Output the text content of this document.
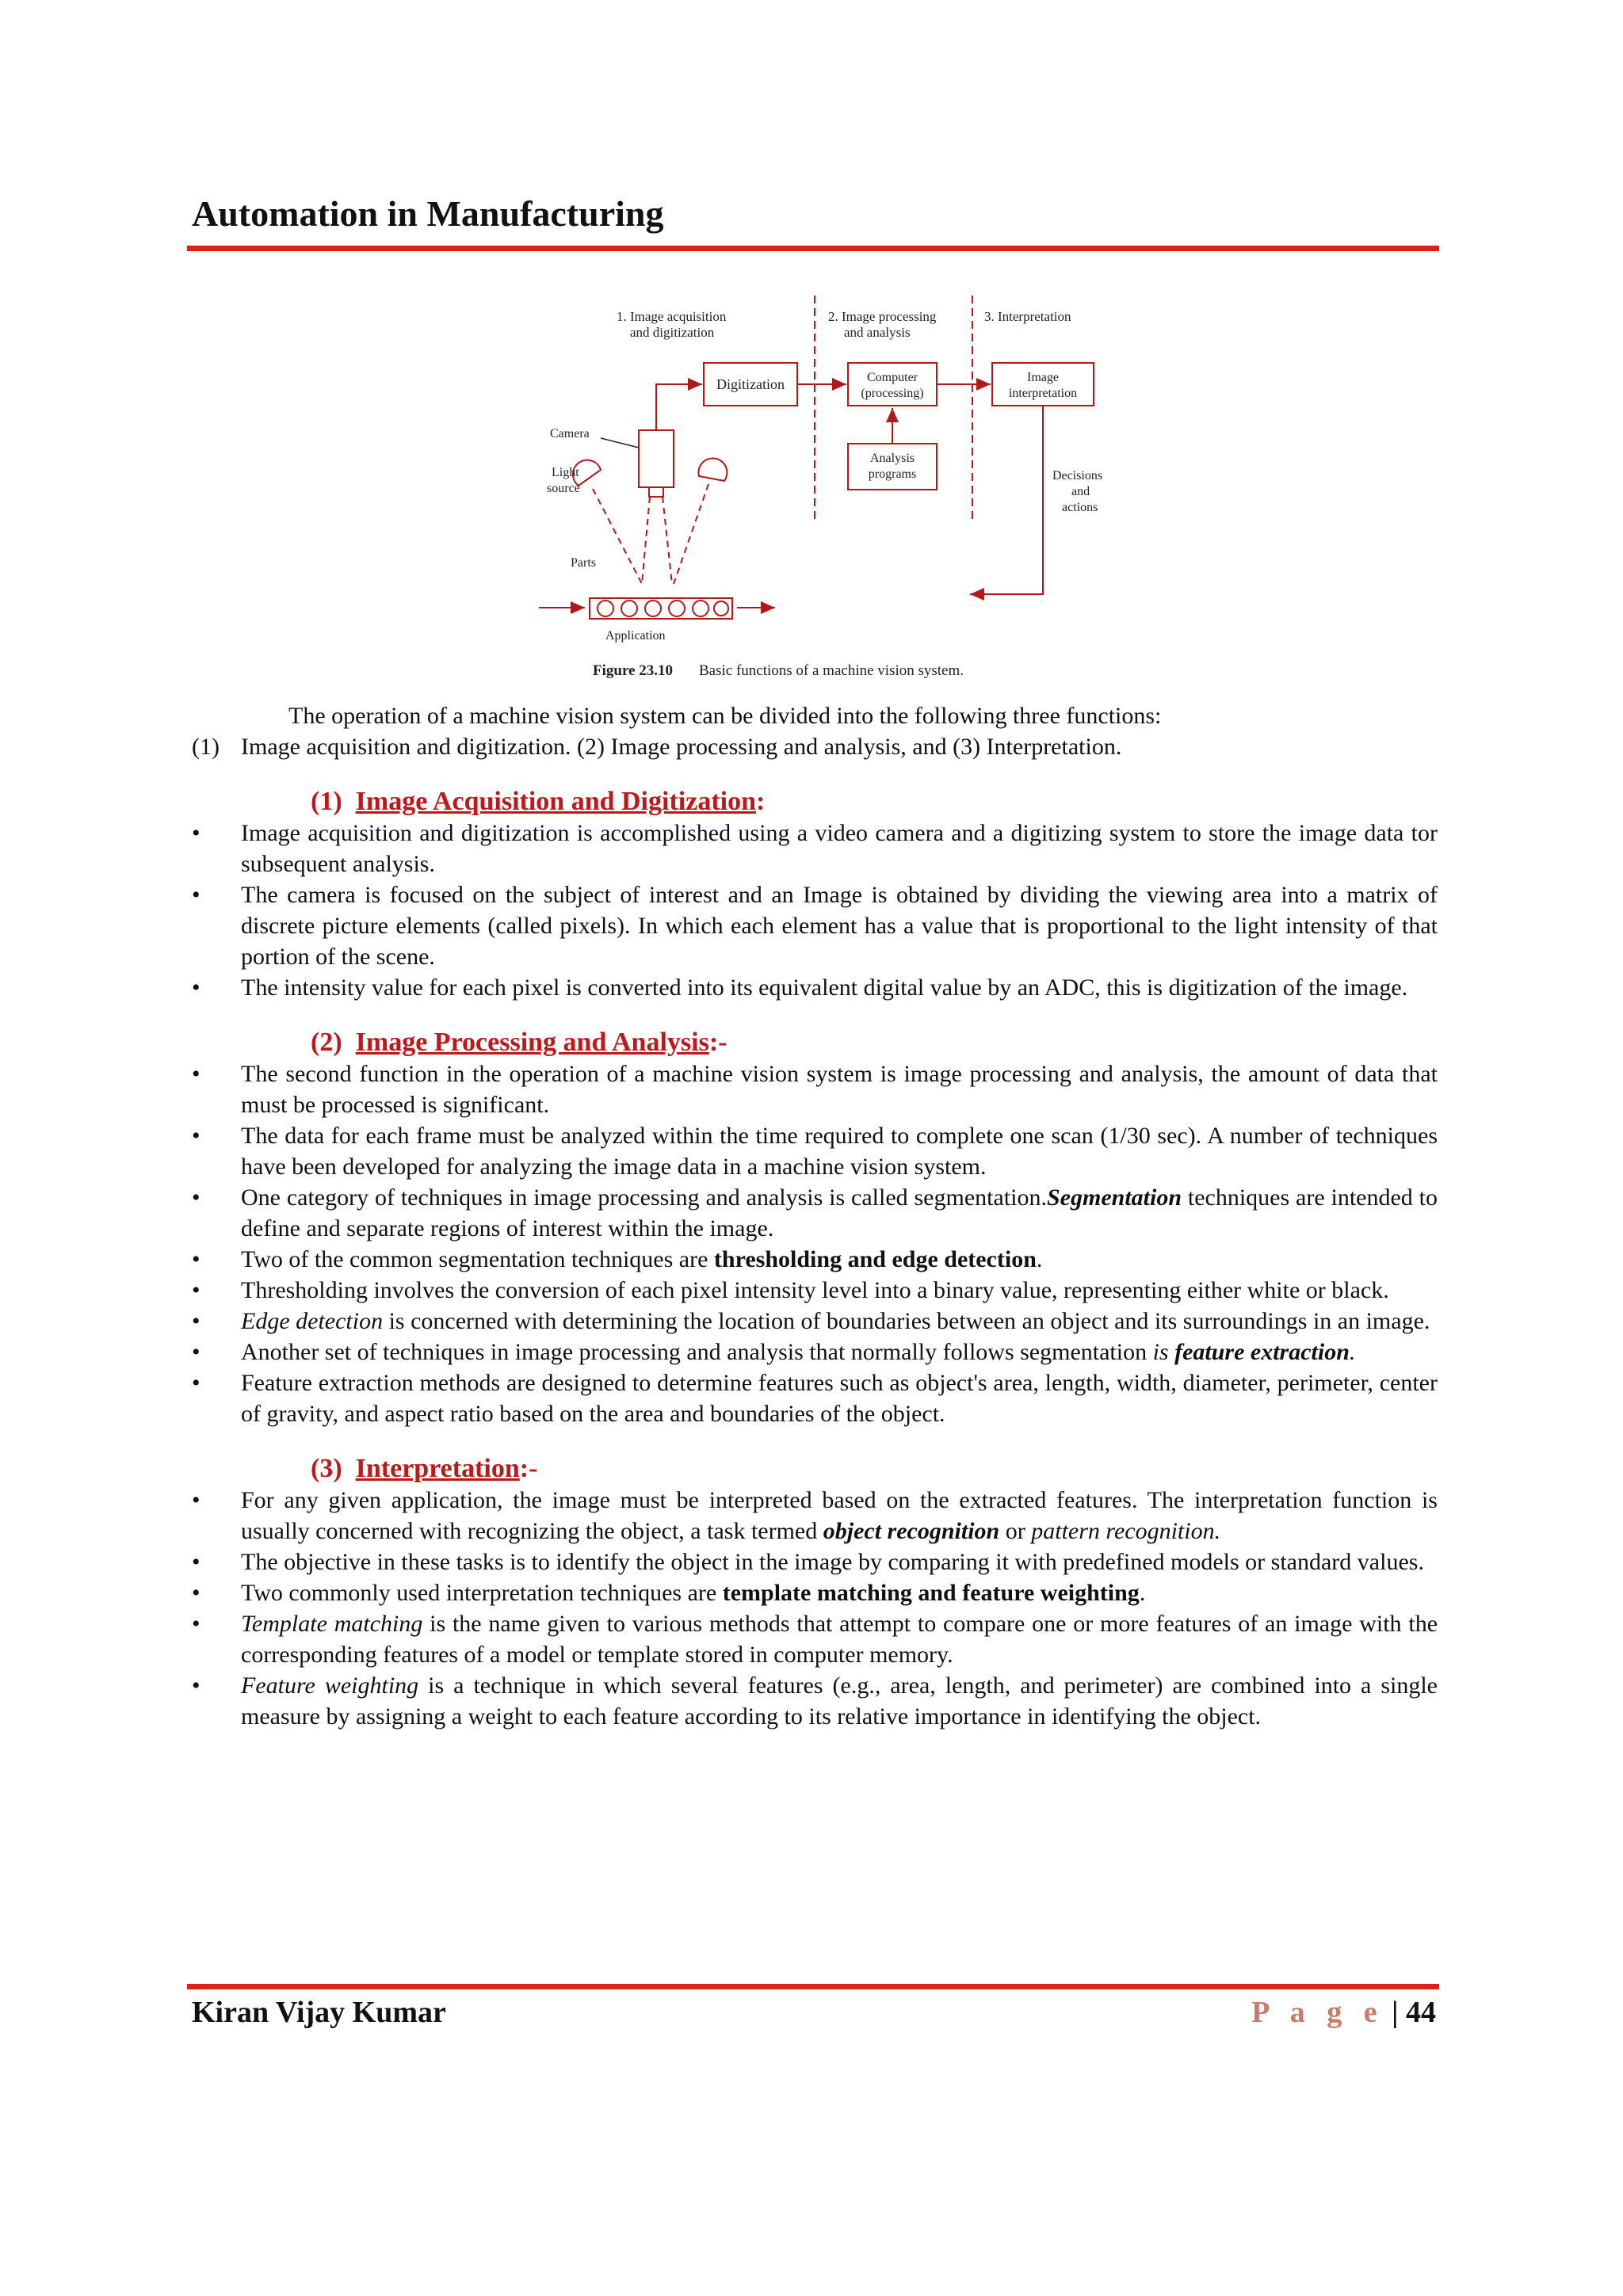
Automation in Manufacturing
1. Image acquisition
and digitization
2. Image processing
and analysis
3. Interpretation
Digitization	Computer
(processing)
Analysis
programs
Image
interpretation
Camera
Light
source
Parts
Application
Decisions
and
actions
Figure 23.10 Basic functions of a machine vision system.
The operation of a machine vision system can be divided into the following three functions:
(1) Image acquisition and digitization. (2) Image processing and analysis, and (3) Interpretation.
(1) Image Acquisition and Digitization:
• Image acquisition and digitization is accomplished using a video camera and a digitizing system to store the image data tor subsequent analysis.
• The camera is focused on the subject of interest and an Image is obtained by dividing the viewing area into a matrix of discrete picture elements (called pixels). In which each element has a value that is proportional to the light intensity of that portion of the scene.
• The intensity value for each pixel is converted into its equivalent digital value by an ADC, this is digitization of the image.
(2) Image Processing and Analysis:-
• The second function in the operation of a machine vision system is image processing and analysis, the amount of data that must be processed is significant.
• The data for each frame must be analyzed within the time required to complete one scan (1/30 sec). A number of techniques have been developed for analyzing the image data in a machine vision system.
• One category of techniques in image processing and analysis is called segmentation.Segmentation techniques are intended to define and separate regions of interest within the image.
• Two of the common segmentation techniques are thresholding and edge detection.
• Thresholding involves the conversion of each pixel intensity level into a binary value, representing either white or black.
• Edge detection is concerned with determining the location of boundaries between an object and its surroundings in an image.
• Another set of techniques in image processing and analysis that normally follows segmentation is feature extraction.
• Feature extraction methods are designed to determine features such as object's area, length, width, diameter, perimeter, center of gravity, and aspect ratio based on the area and boundaries of the object.
(3) Interpretation:-
• For any given application, the image must be interpreted based on the extracted features. The interpretation function is usually concerned with recognizing the object, a task termed object recognition or pattern recognition.
• The objective in these tasks is to identify the object in the image by comparing it with predefined models or standard values.
• Two commonly used interpretation techniques are template matching and feature weighting.
• Template matching is the name given to various methods that attempt to compare one or more features of an image with the corresponding features of a model or template stored in computer memory.
• Feature weighting is a technique in which several features (e.g., area, length, and perimeter) are combined into a single measure by assigning a weight to each feature according to its relative importance in identifying the object.
Kiran Vijay Kumar	P a g e | 44
